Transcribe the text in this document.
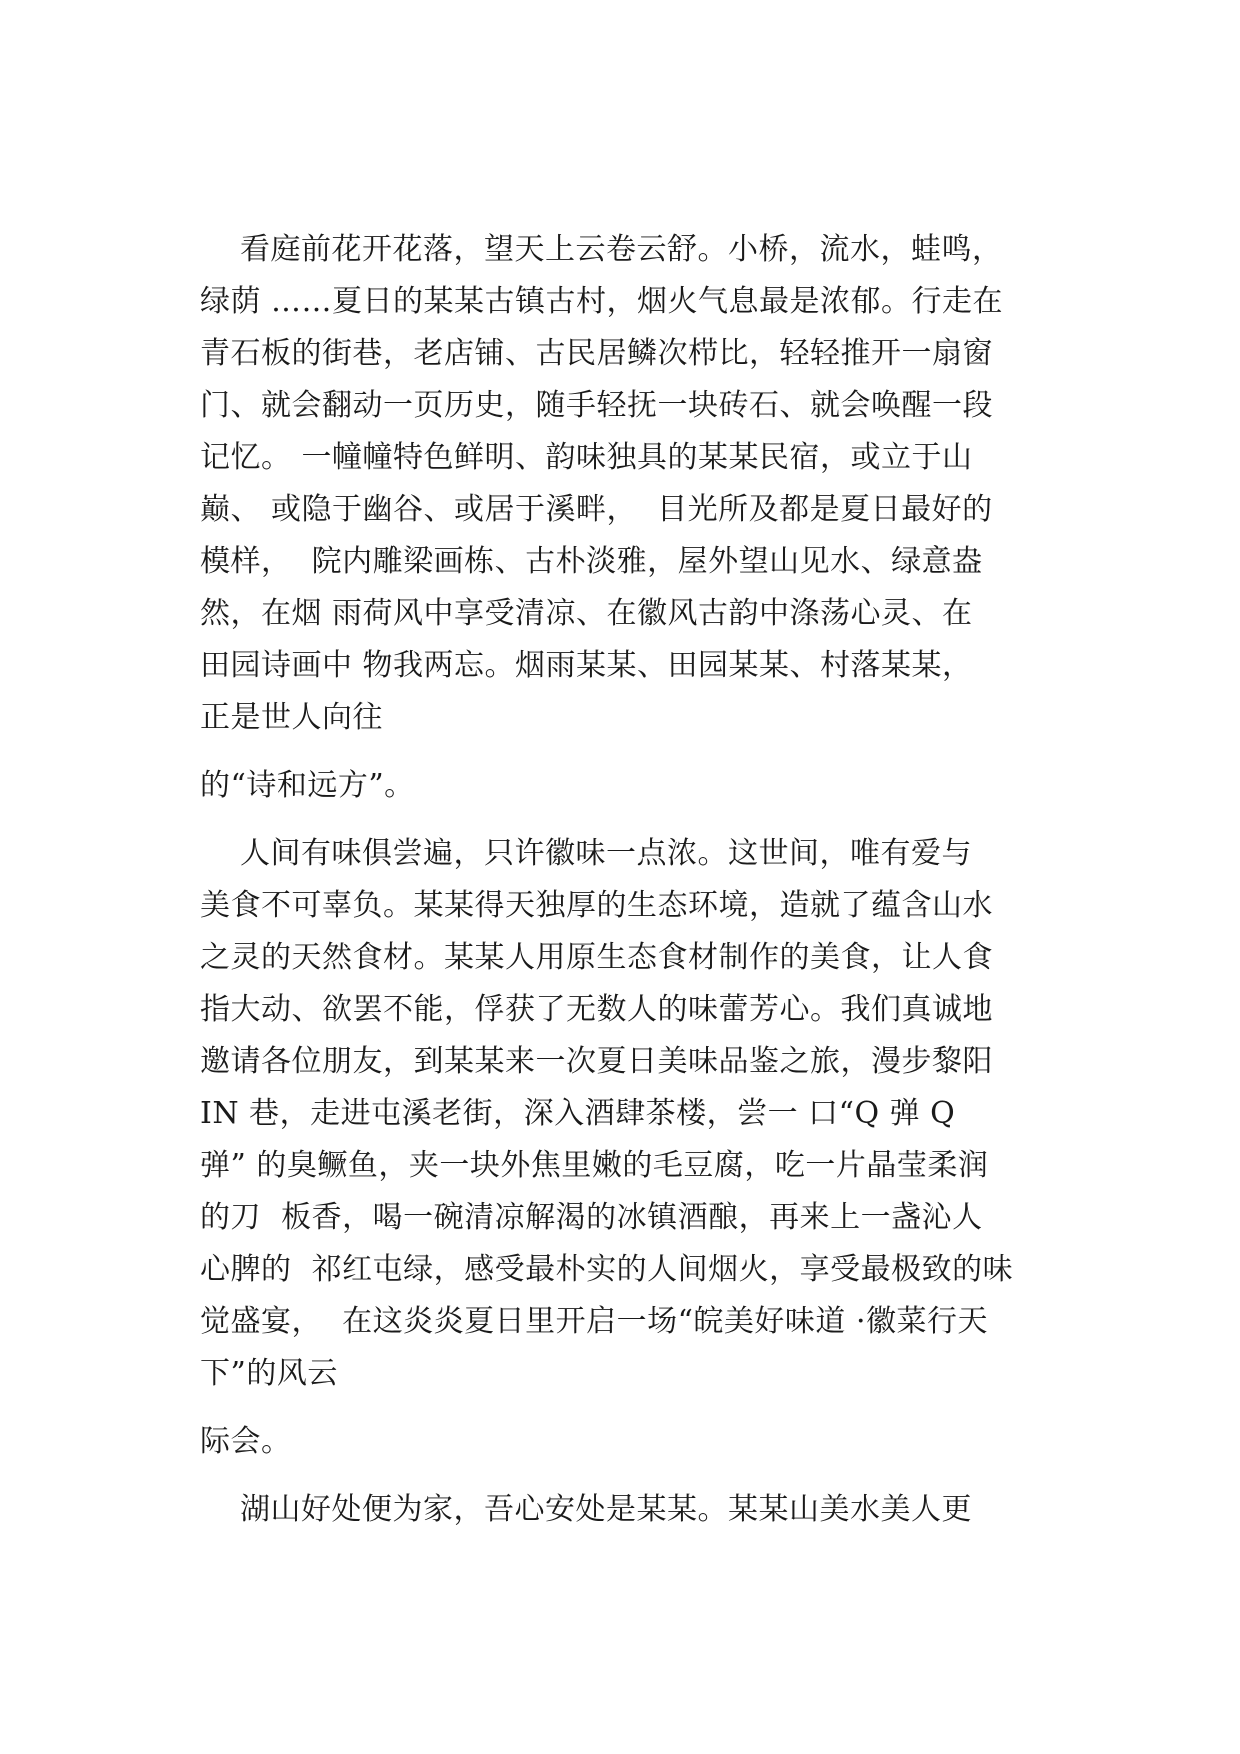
看庭前花开花落，望天上云卷云舒。小桥，流水，蛙鸣，
绿荫 ……夏日的某某古镇古村，烟火气息最是浓郁。行走在
青石板的街巷，老店铺、古民居鳞次栉比，轻轻推开一扇窗
门、就会翻动一页历史，随手轻抚一块砖石、就会唤醒一段
记忆。 一幢幢特色鲜明、韵味独具的某某民宿，或立于山
巅、 或隐于幽谷、或居于溪畔，  目光所及都是夏日最好的
模样，  院内雕梁画栋、古朴淡雅，屋外望山见水、绿意盎
然，在烟 雨荷风中享受清凉、在徽风古韵中涤荡心灵、在
田园诗画中 物我两忘。烟雨某某、田园某某、村落某某，
正是世人向往
的“诗和远方”。
人间有味俱尝遍，只许徽味一点浓。这世间，唯有爱与
美食不可辜负。某某得天独厚的生态环境，造就了蕴含山水
之灵的天然食材。某某人用原生态食材制作的美食，让人食
指大动、欲罢不能，俘获了无数人的味蕾芳心。我们真诚地
邀请各位朋友，到某某来一次夏日美味品鉴之旅，漫步黎阳
IN 巷，走进屯溪老街，深入酒肆茶楼，尝一 口“Q 弹 Q
弹” 的臭鳜鱼，夹一块外焦里嫩的毛豆腐，吃一片晶莹柔润
的刀  板香，喝一碗清凉解渴的冰镇酒酿，再来上一盏沁人
心脾的  祁红屯绿，感受最朴实的人间烟火，享受最极致的味
觉盛宴，  在这炎炎夏日里开启一场“皖美好味道 ·徽菜行天
下”的风云
际会。
湖山好处便为家，吾心安处是某某。某某山美水美人更
